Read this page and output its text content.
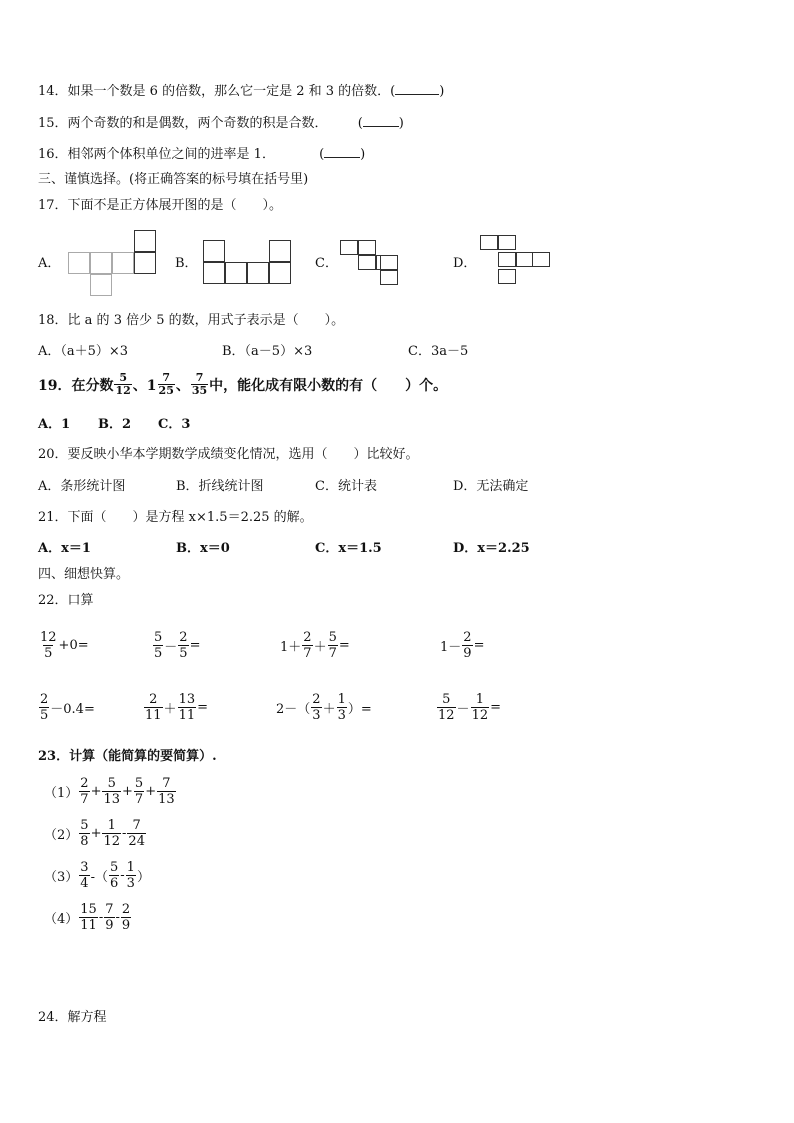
14．如果一个数是 6 的倍数，那么它一定是 2 和 3 的倍数．(	)
15．两个奇数的和是偶数，两个奇数的积是合数． (	)
16．相邻两个体积单位之间的进率是 1．	(	)
三、谨慎选择。(将正确答案的标号填在括号里)
17．下面不是正方体展开图的是（　　）。
A．	B．	C．	D．
18．比 a 的 3 倍少 5 的数，用式子表示是（　　）。
A．（a＋5）×3	B．（a－5）×3	C．3a－5
19．在分数 $\frac{5}{12}$ 、$1 \frac{7}{25}$ 、 $\frac{7}{35}$ 中，能化成有限小数的有（　　）个。
A．1 B．2 C．3
20．要反映小华本学期数学成绩变化情况，选用（　　）比较好。
A．条形统计图	B．折线统计图	C．统计表	D．无法确定
21．下面（　　）是方程 x×1.5＝2.25 的解。
A．x＝1	B．x＝0	C．x＝1.5	D．x＝2.25
四、细想快算。
22．口算
$\frac{12}{5} +0=$	$\frac{5}{5} - \frac{2}{5}$ =	$1+ \frac{2}{7} + \frac{5}{7}$ =	$1- \frac{2}{9}$ =
$\frac{2}{5} -0.4=$	$\frac{2}{11} + \frac{13}{11}$ =	$2-( \frac{2}{3} + \frac{1}{3}$ ）=	$\frac{5}{12} - \frac{1}{12}$ =
23．计算（能简算的要简算）.
$(1) \frac{2}{7} + \frac{5}{13} + \frac{5}{7} + \frac{7}{13}$
$(2) \frac{5}{8} + \frac{1}{12} - \frac{7}{24}$
$(3) \frac{3}{4}$ -（ $\frac{5}{6} - \frac{1}{3}$ ）
$(4) \frac{15}{11} - \frac{7}{9} - \frac{2}{9}$
24．解方程
